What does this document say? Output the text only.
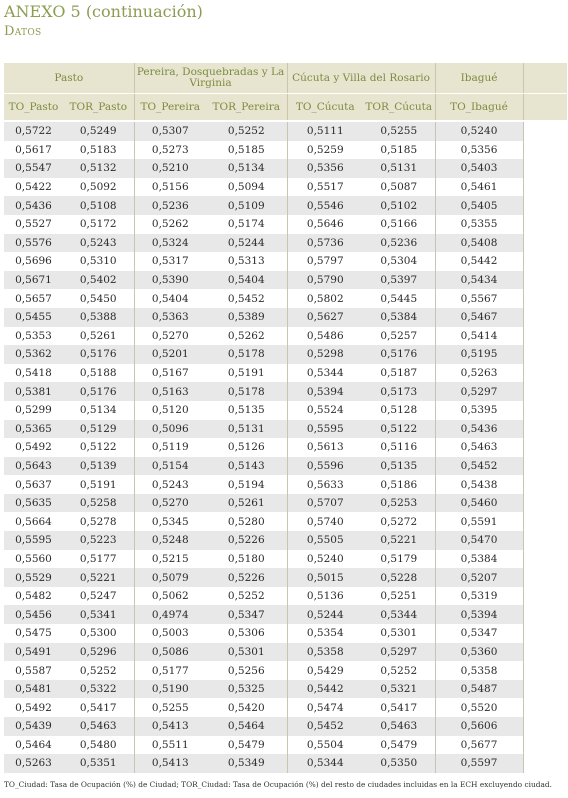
ANEXO 5 (continuación)
Datos
Pasto		Pereira, Dosquebradas y La Virginia		Cúcuta y Villa del Rosario		Ibagué	
TO_Pasto	TOR_Pasto	TO_Pereira	TOR_Pereira	TO_Cúcuta	TOR_Cúcuta	TO_Ibagué	
0,5722	0,5249	0,5307	0,5252	0,5111	0,5255	0,5240	
0,5617	0,5183	0,5273	0,5185	0,5259	0,5185	0,5356	
0,5547	0,5132	0,5210	0,5134	0,5356	0,5131	0,5403	
0,5422	0,5092	0,5156	0,5094	0,5517	0,5087	0,5461	
0,5436	0,5108	0,5236	0,5109	0,5546	0,5102	0,5405	
0,5527	0,5172	0,5262	0,5174	0,5646	0,5166	0,5355	
0,5576	0,5243	0,5324	0,5244	0,5736	0,5236	0,5408	
0,5696	0,5310	0,5317	0,5313	0,5797	0,5304	0,5442	
0,5671	0,5402	0,5390	0,5404	0,5790	0,5397	0,5434	
0,5657	0,5450	0,5404	0,5452	0,5802	0,5445	0,5567	
0,5455	0,5388	0,5363	0,5389	0,5627	0,5384	0,5467	
0,5353	0,5261	0,5270	0,5262	0,5486	0,5257	0,5414	
0,5362	0,5176	0,5201	0,5178	0,5298	0,5176	0,5195	
0,5418	0,5188	0,5167	0,5191	0,5344	0,5187	0,5263	
0,5381	0,5176	0,5163	0,5178	0,5394	0,5173	0,5297	
0,5299	0,5134	0,5120	0,5135	0,5524	0,5128	0,5395	
0,5365	0,5129	0,5096	0,5131	0,5595	0,5122	0,5436	
0,5492	0,5122	0,5119	0,5126	0,5613	0,5116	0,5463	
0,5643	0,5139	0,5154	0,5143	0,5596	0,5135	0,5452	
0,5637	0,5191	0,5243	0,5194	0,5633	0,5186	0,5438	
0,5635	0,5258	0,5270	0,5261	0,5707	0,5253	0,5460	
0,5664	0,5278	0,5345	0,5280	0,5740	0,5272	0,5591	
0,5595	0,5223	0,5248	0,5226	0,5505	0,5221	0,5470	
0,5560	0,5177	0,5215	0,5180	0,5240	0,5179	0,5384	
0,5529	0,5221	0,5079	0,5226	0,5015	0,5228	0,5207	
0,5482	0,5247	0,5062	0,5252	0,5136	0,5251	0,5319	
0,5456	0,5341	0,4974	0,5347	0,5244	0,5344	0,5394	
0,5475	0,5300	0,5003	0,5306	0,5354	0,5301	0,5347	
0,5491	0,5296	0,5086	0,5301	0,5358	0,5297	0,5360	
0,5587	0,5252	0,5177	0,5256	0,5429	0,5252	0,5358	
0,5481	0,5322	0,5190	0,5325	0,5442	0,5321	0,5487	
0,5492	0,5417	0,5255	0,5420	0,5474	0,5417	0,5520	
0,5439	0,5463	0,5413	0,5464	0,5452	0,5463	0,5606	
0,5464	0,5480	0,5511	0,5479	0,5504	0,5479	0,5677	
0,5263	0,5351	0,5413	0,5349	0,5344	0,5350	0,5597	
TO_Ciudad: Tasa de Ocupación (%) de Ciudad; TOR_Ciudad: Tasa de Ocupación (%) del resto de ciudades incluidas en la ECH excluyendo ciudad.
